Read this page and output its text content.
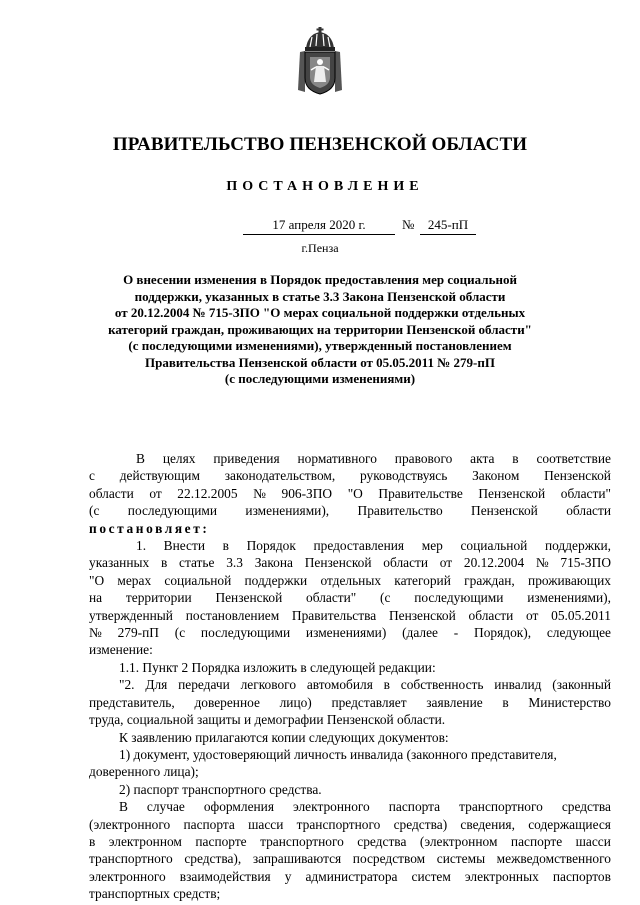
ПРАВИТЕЛЬСТВО ПЕНЗЕНСКОЙ ОБЛАСТИ
ПОСТАНОВЛЕНИЕ
17 апреля 2020 г.	№	245-пП
г.Пенза
О внесении изменения в Порядок предоставления мер социальной
поддержки, указанных в статье 3.3 Закона Пензенской области
от 20.12.2004 № 715-ЗПО "О мерах социальной поддержки отдельных
категорий граждан, проживающих на территории Пензенской области"
(с последующими изменениями), утвержденный постановлением
Правительства Пензенской области от 05.05.2011 № 279-пП
(с последующими изменениями)
В целях приведения нормативного правового акта в соответствие
с действующим законодательством, руководствуясь Законом Пензенской
области от 22.12.2005 № 906-ЗПО "О Правительстве Пензенской области"
(с последующими изменениями), Правительство Пензенской области
постановляет:
1. Внести в Порядок предоставления мер социальной поддержки,
указанных в статье 3.3 Закона Пензенской области от 20.12.2004 № 715-ЗПО
"О мерах социальной поддержки отдельных категорий граждан, проживающих
на территории Пензенской области" (с последующими изменениями),
утвержденный постановлением Правительства Пензенской области от 05.05.2011
№ 279-пП (с последующими изменениями) (далее - Порядок), следующее
изменение:
1.1. Пункт 2 Порядка изложить в следующей редакции:
"2. Для передачи легкового автомобиля в собственность инвалид (законный
представитель, доверенное лицо) представляет заявление в Министерство
труда, социальной защиты и демографии Пензенской области.
К заявлению прилагаются копии следующих документов:
1) документ, удостоверяющий личность инвалида (законного представителя,
доверенного лица);
2) паспорт транспортного средства.
В случае оформления электронного паспорта транспортного средства
(электронного паспорта шасси транспортного средства) сведения, содержащиеся
в электронном паспорте транспортного средства (электронном паспорте шасси
транспортного средства), запрашиваются посредством системы межведомственного
электронного взаимодействия у администратора систем электронных паспортов
транспортных средств;
